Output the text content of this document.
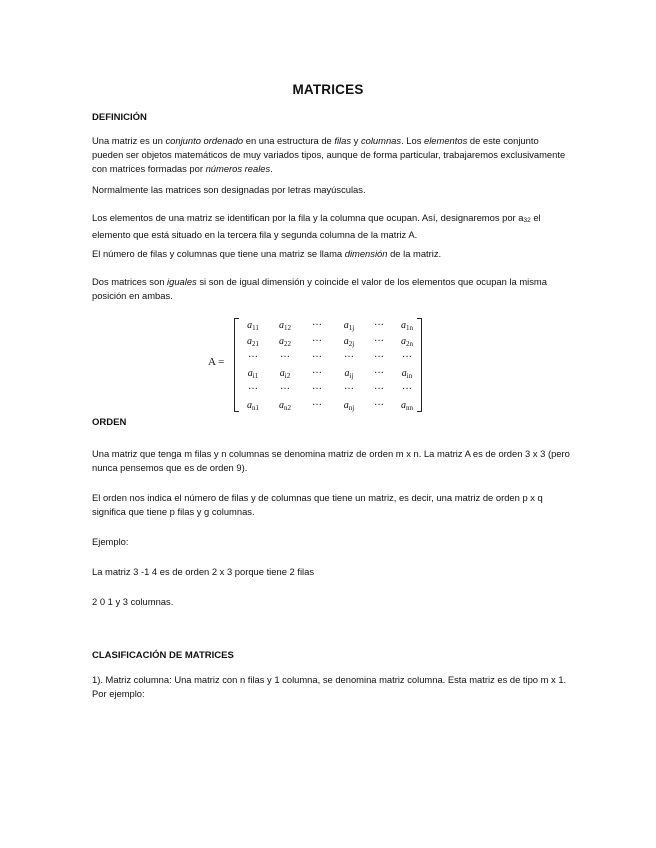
MATRICES
DEFINICIÓN
Una matriz es un conjunto ordenado en una estructura de filas y columnas. Los elementos de este conjunto pueden ser objetos matemáticos de muy variados tipos, aunque de forma particular, trabajaremos exclusivamente con matrices formadas por números reales.
Normalmente las matrices son designadas por letras mayúsculas.
Los elementos de una matriz se identifican por la fila y la columna que ocupan. Así, designaremos por a32 el elemento que está situado en la tercera fila y segunda columna de la matriz A.
El número de filas y columnas que tiene una matriz se llama dimensión de la matriz.
Dos matrices son iguales si son de igual dimensión y coincide el valor de los elementos que ocupan la misma posición en ambas.
A =
$a_{11}$	$a_{12}$	···	$a_{1j}$	···	$a_{1n}$
$a_{21}$	$a_{22}$	···	$a_{2j}$	···	$a_{2n}$
···	···	···	···	···	···
$a_{i1}$	$a_{i2}$	···	$a_{ij}$	···	$a_{in}$
···	···	···	···	···	···
$a_{n1}$	$a_{n2}$	···	$a_{nj}$	···	$a_{nn}$
ORDEN
Una matriz que tenga m filas y n columnas se denomina matriz de orden m x n. La matriz A es de orden 3 x 3 (pero nunca pensemos que es de orden 9).
El orden nos indica el número de filas y de columnas que tiene un matriz, es decir, una matriz de orden p x q significa que tiene p filas y g columnas.
Ejemplo:
La matriz 3 -1 4 es de orden 2 x 3 porque tiene 2 filas
2 0 1 y 3 columnas.
CLASIFICACIÓN DE MATRICES
1). Matriz columna: Una matriz con n filas y 1 columna, se denomina matriz columna. Esta matriz es de tipo m x 1. Por ejemplo:
